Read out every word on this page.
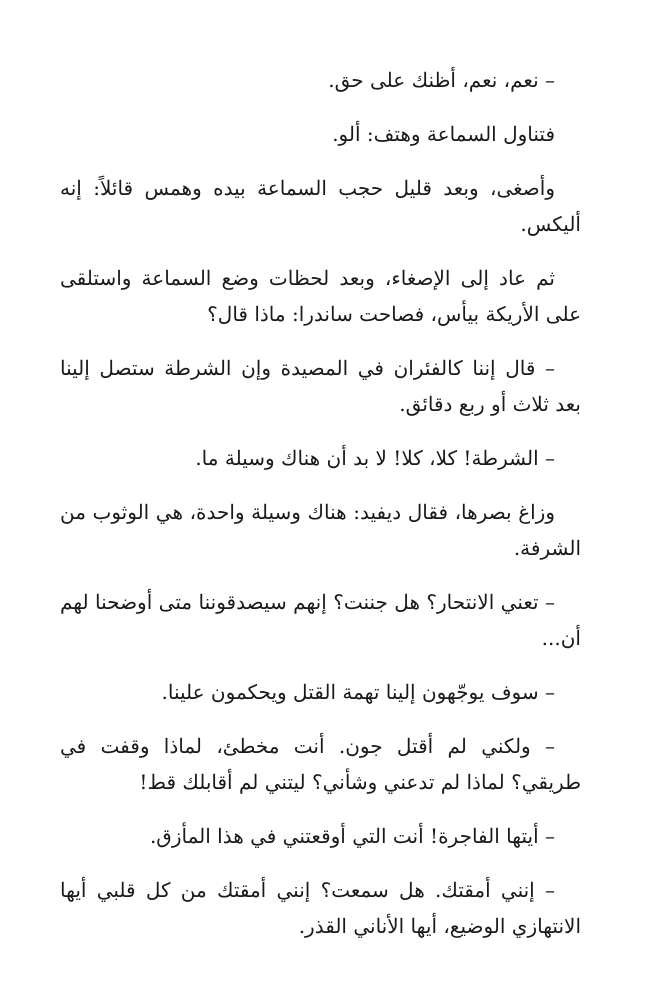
– نعم، نعم، أظنك على حق.

فتناول السماعة وهتف: ألو.

وأصغى، وبعد قليل حجب السماعة بيده وهمس قائلاً: إنه أليكس.

ثم عاد إلى الإصغاء، وبعد لحظات وضع السماعة واستلقى على الأريكة بيأس، فصاحت ساندرا: ماذا قال؟

– قال إننا كالفئران في المصيدة وإن الشرطة ستصل إلينا بعد ثلاث أو ربع دقائق.

– الشرطة! كلا، كلا! لا بد أن هناك وسيلة ما.

وزاغ بصرها، فقال ديفيد: هناك وسيلة واحدة، هي الوثوب من الشرفة.

– تعني الانتحار؟ هل جننت؟ إنهم سيصدقوننا متى أوضحنا لهم أن...

– سوف يوجّهون إلينا تهمة القتل ويحكمون علينا.

– ولكني لم أقتل جون. أنت مخطئ، لماذا وقفت في طريقي؟ لماذا لم تدعني وشأني؟ ليتني لم أقابلك قط!

– أيتها الفاجرة! أنت التي أوقعتني في هذا المأزق.

– إنني أمقتك. هل سمعت؟ إنني أمقتك من كل قلبي أيها الانتهازي الوضيع، أيها الأناني القذر.
